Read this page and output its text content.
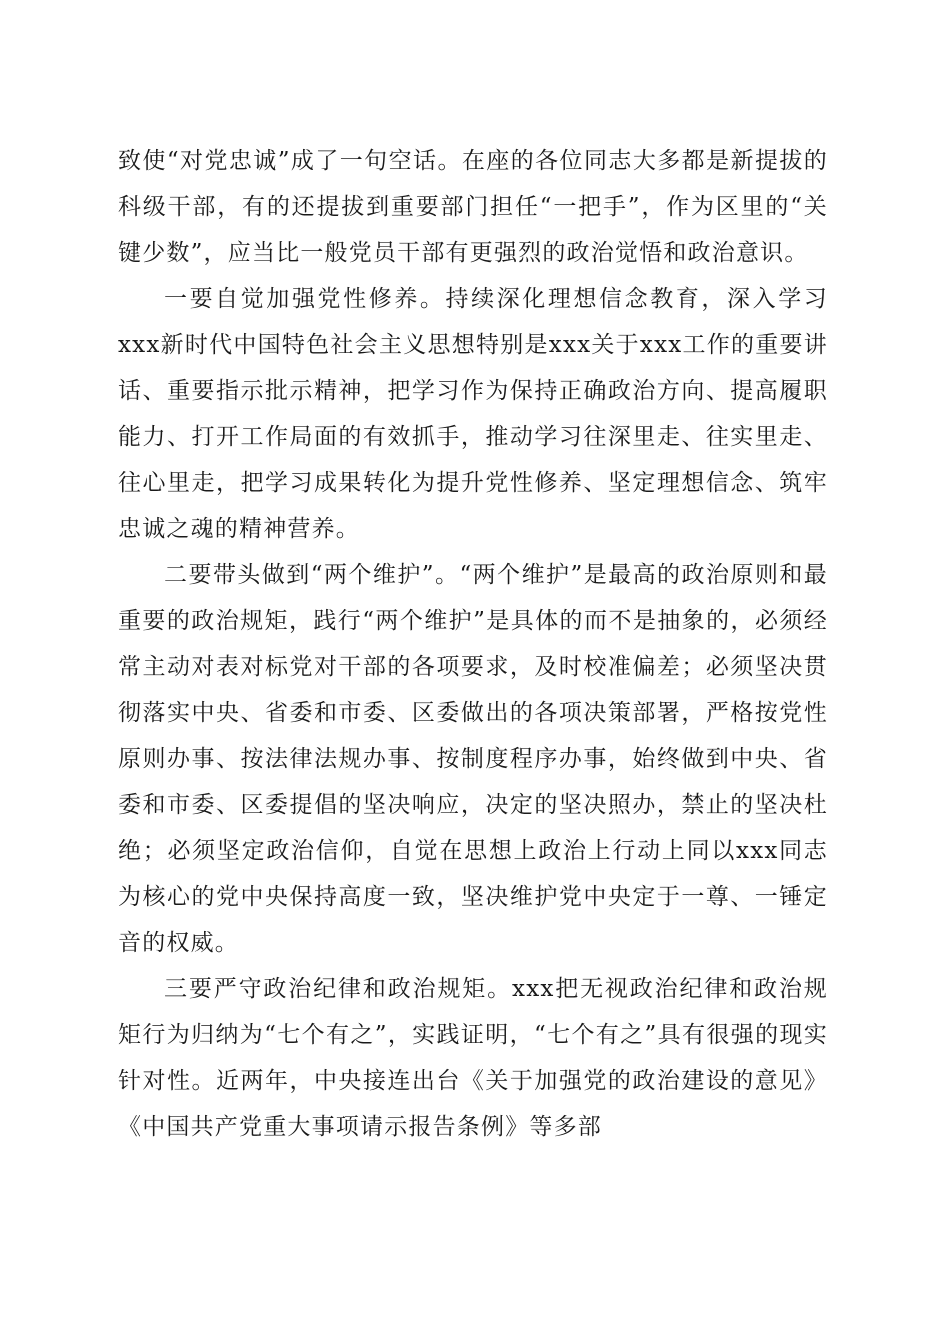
致使“对党忠诚”成了一句空话。在座的各位同志大多都是新提拔的科级干部，有的还提拔到重要部门担任“一把手”，作为区里的“关键少数”，应当比一般党员干部有更强烈的政治觉悟和政治意识。

一要自觉加强党性修养。持续深化理想信念教育，深入学习xxx新时代中国特色社会主义思想特别是xxx关于xxx工作的重要讲话、重要指示批示精神，把学习作为保持正确政治方向、提高履职能力、打开工作局面的有效抓手，推动学习往深里走、往实里走、往心里走，把学习成果转化为提升党性修养、坚定理想信念、筑牢忠诚之魂的精神营养。

二要带头做到“两个维护”。“两个维护”是最高的政治原则和最重要的政治规矩，践行“两个维护”是具体的而不是抽象的，必须经常主动对表对标党对干部的各项要求，及时校准偏差；必须坚决贯彻落实中央、省委和市委、区委做出的各项决策部署，严格按党性原则办事、按法律法规办事、按制度程序办事，始终做到中央、省委和市委、区委提倡的坚决响应，决定的坚决照办，禁止的坚决杜绝；必须坚定政治信仰，自觉在思想上政治上行动上同以xxx同志为核心的党中央保持高度一致，坚决维护党中央定于一尊、一锤定音的权威。

三要严守政治纪律和政治规矩。xxx把无视政治纪律和政治规矩行为归纳为“七个有之”，实践证明，“七个有之”具有很强的现实针对性。近两年，中央接连出台《关于加强党的政治建设的意见》《中国共产党重大事项请示报告条例》等多部
